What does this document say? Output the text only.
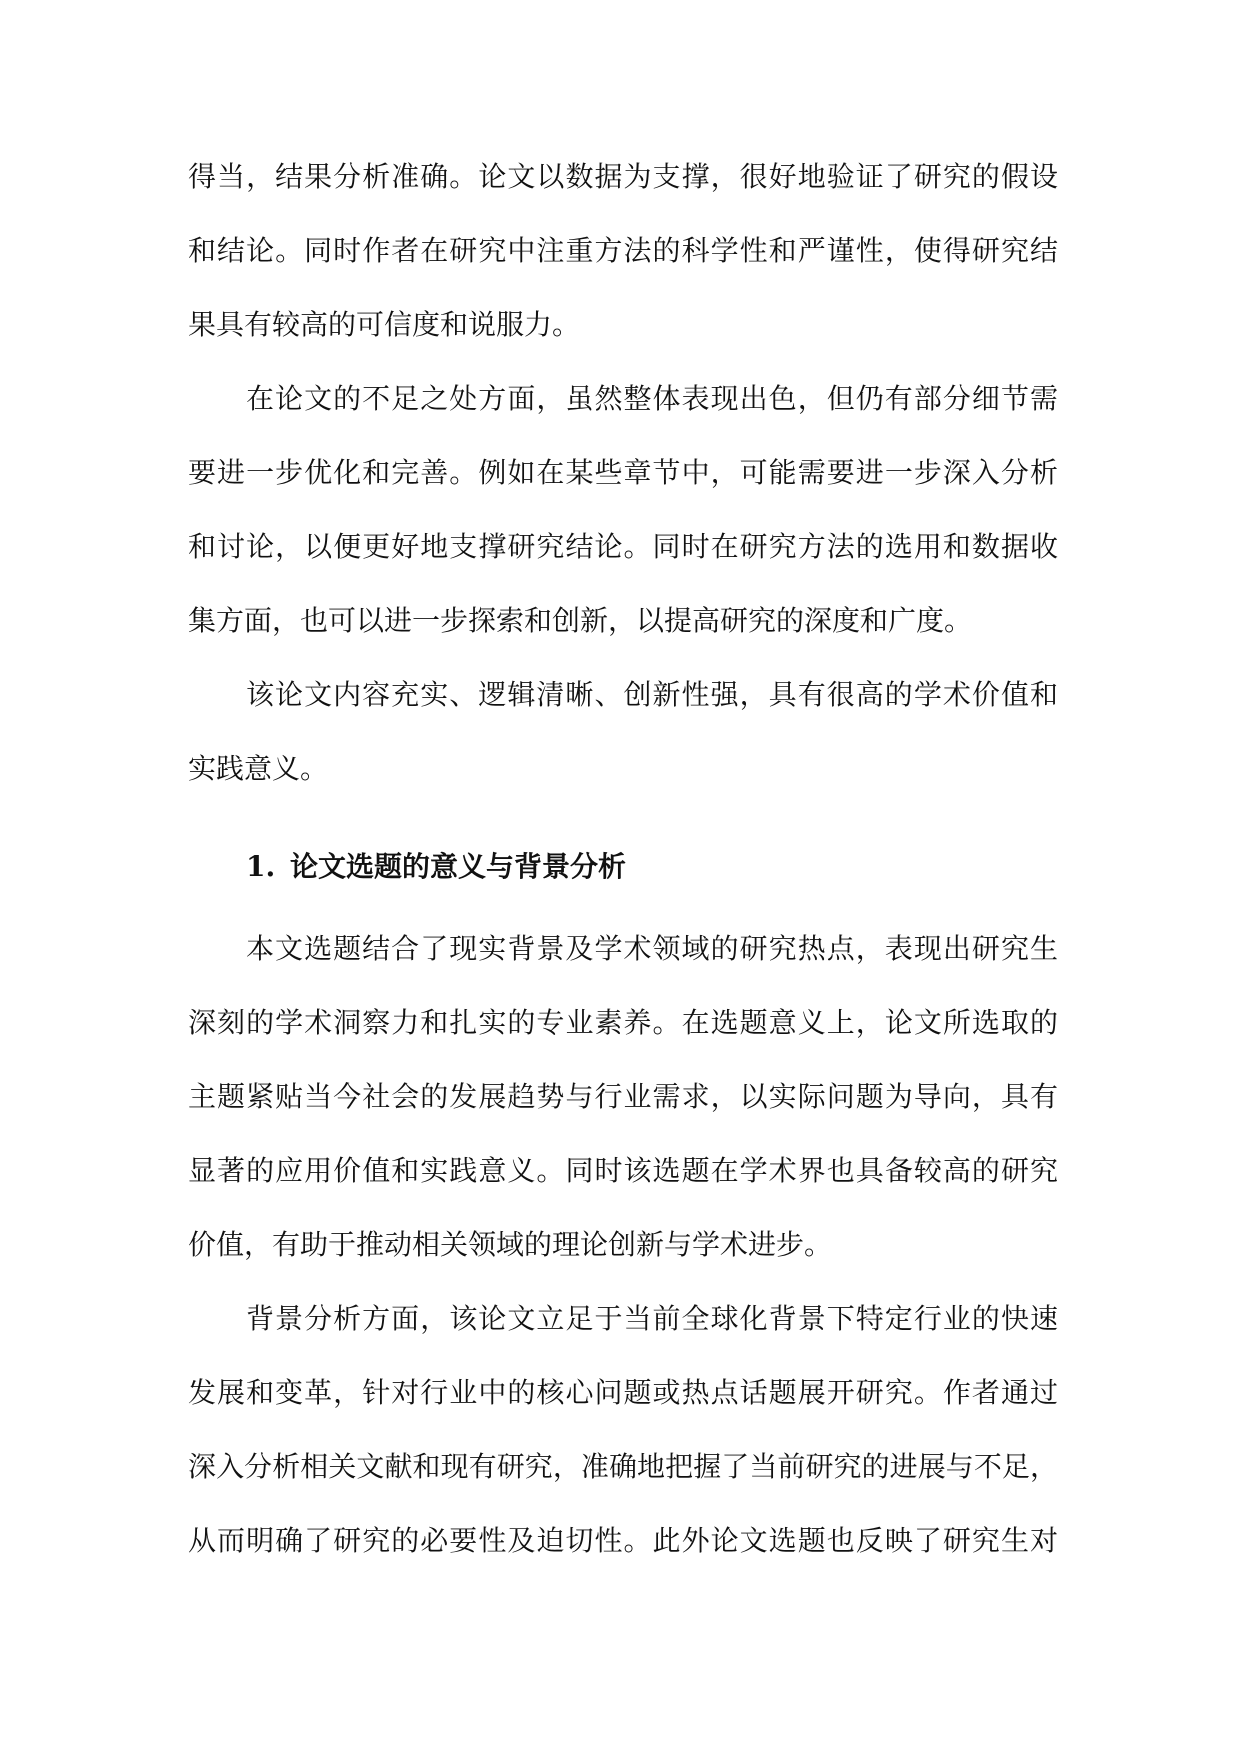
得当，结果分析准确。论文以数据为支撑，很好地验证了研究的假设
和结论。同时作者在研究中注重方法的科学性和严谨性，使得研究结
果具有较高的可信度和说服力。
在论文的不足之处方面，虽然整体表现出色，但仍有部分细节需
要进一步优化和完善。例如在某些章节中，可能需要进一步深入分析
和讨论，以便更好地支撑研究结论。同时在研究方法的选用和数据收
集方面，也可以进一步探索和创新，以提高研究的深度和广度。
该论文内容充实、逻辑清晰、创新性强，具有很高的学术价值和
实践意义。
1. 论文选题的意义与背景分析
本文选题结合了现实背景及学术领域的研究热点，表现出研究生
深刻的学术洞察力和扎实的专业素养。在选题意义上，论文所选取的
主题紧贴当今社会的发展趋势与行业需求，以实际问题为导向，具有
显著的应用价值和实践意义。同时该选题在学术界也具备较高的研究
价值，有助于推动相关领域的理论创新与学术进步。
背景分析方面，该论文立足于当前全球化背景下特定行业的快速
发展和变革，针对行业中的核心问题或热点话题展开研究。作者通过
深入分析相关文献和现有研究，准确地把握了当前研究的进展与不足，
从而明确了研究的必要性及迫切性。此外论文选题也反映了研究生对
